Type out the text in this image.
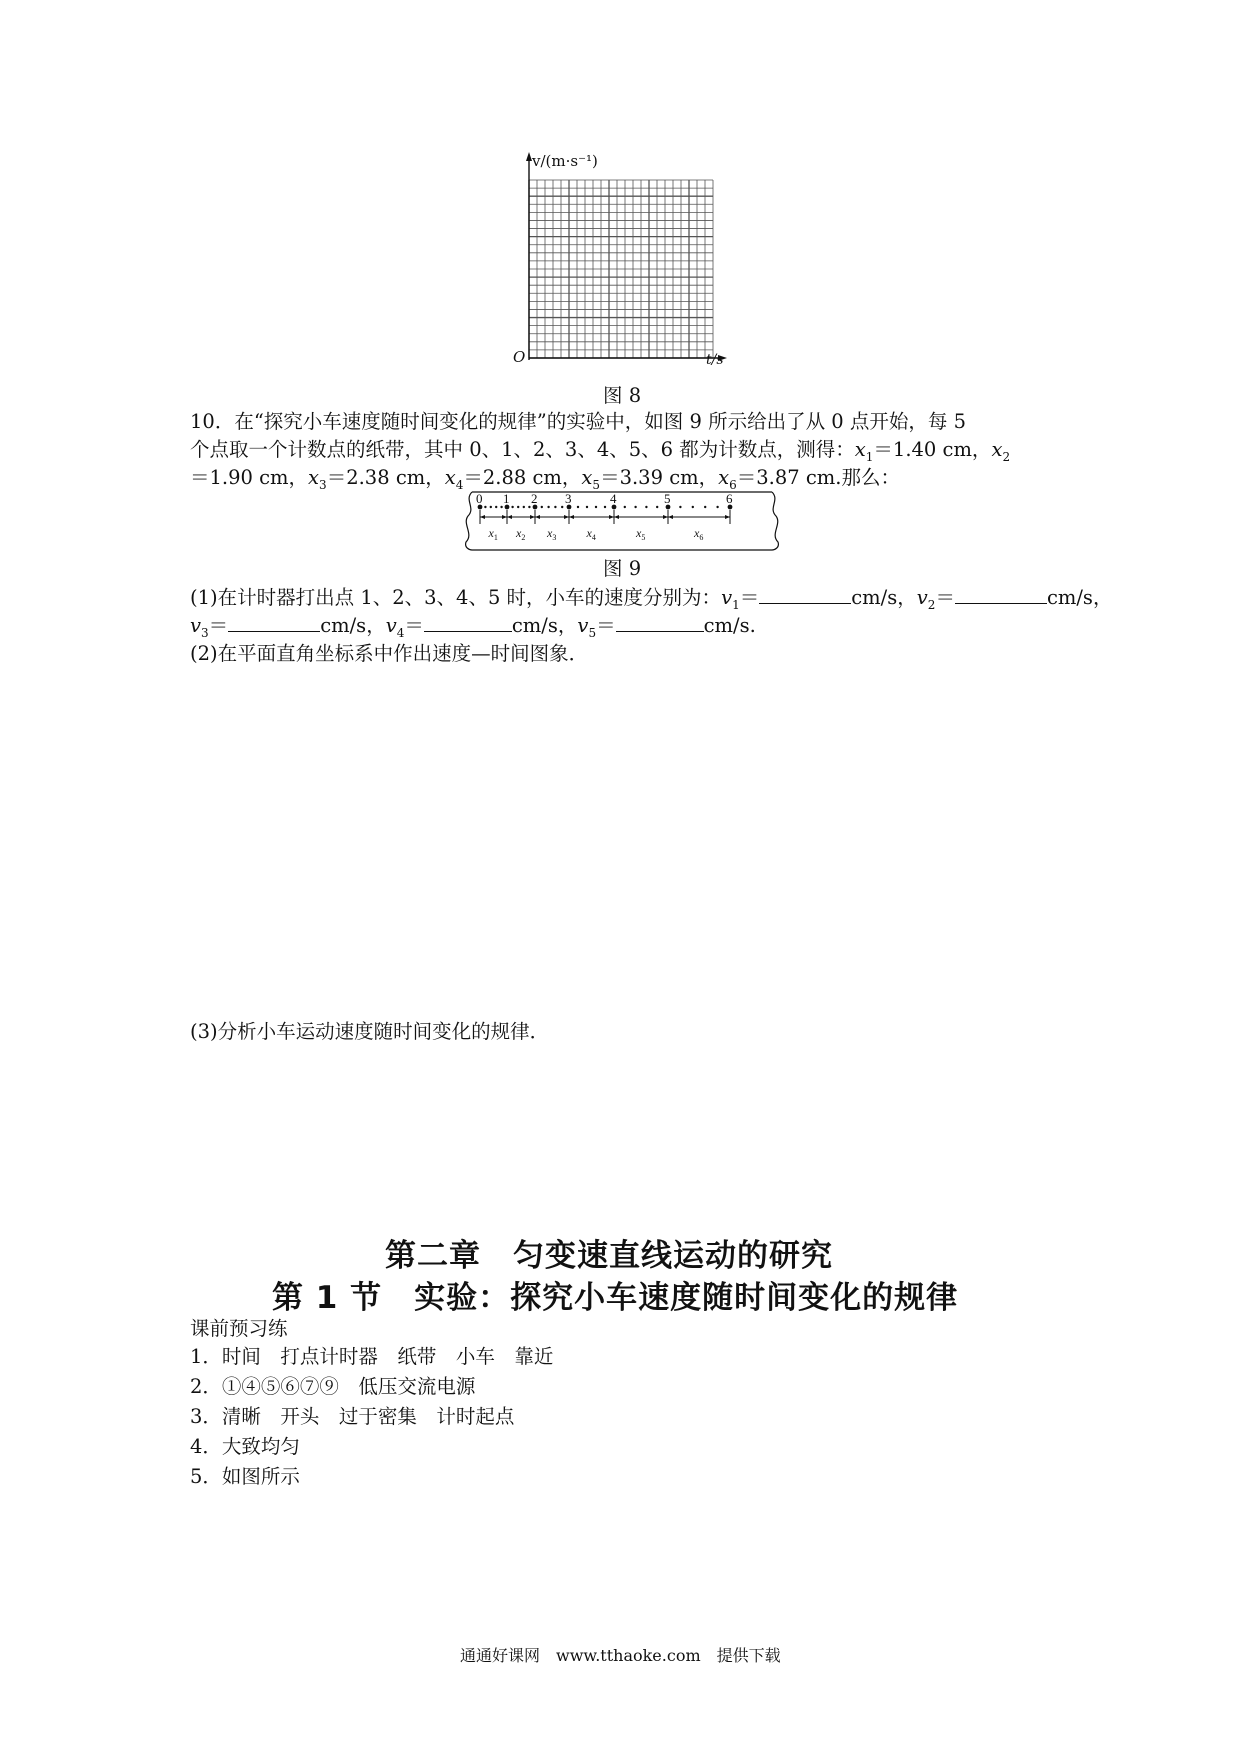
v/(m·s⁻¹)
O	t/s
图 8
10．在“探究小车速度随时间变化的规律”的实验中，如图 9 所示给出了从 0 点开始，每 5
个点取一个计数点的纸带，其中 0、1、2、3、4、5、6 都为计数点，测得：$x_1=1.40$ cm，$x_2$
＝1.90 cm，$x_3=2.38$ cm，$x_4=2.88$ cm，$x_5=3.39$ cm，$x_6=3.87$ cm.那么：
0 1 2 3	4	5	6
$x_1$ $x_2$ $x_3$	$x_4$	$x_5$	$x_6$
图 9
(1)在计时器打出点 1、2、3、4、5 时，小车的速度分别为：$v_1=$	cm/s，$v_2=$	cm/s，
$v_3=$	cm/s，$v_4=$	cm/s，$v_5=$	cm/s.
(2)在平面直角坐标系中作出速度—时间图象．
(3)分析小车运动速度随时间变化的规律．
第二章　匀变速直线运动的研究
第 1 节　实验：探究小车速度随时间变化的规律
课前预习练
1．时间　打点计时器　纸带　小车　靠近
2．①④⑤⑥⑦⑨　低压交流电源
3．清晰　开头　过于密集　计时起点
4．大致均匀
5．如图所示
通通好课网　www.tthaoke.com　提供下载
